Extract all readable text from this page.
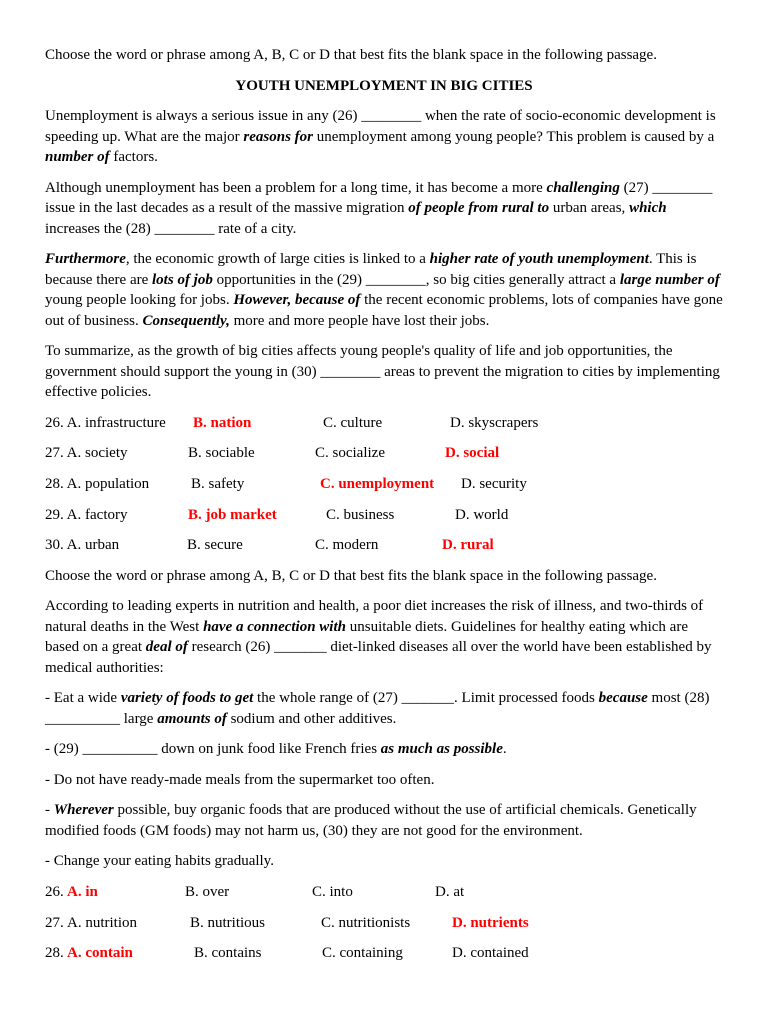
Choose the word or phrase among A, B, C or D that best fits the blank space in the following passage.

YOUTH UNEMPLOYMENT IN BIG CITIES

Unemployment is always a serious issue in any (26) ________ when the rate of socio-economic development is speeding up. What are the major reasons for unemployment among young people? This problem is caused by a number of factors.

Although unemployment has been a problem for a long time, it has become a more challenging (27) ________ issue in the last decades as a result of the massive migration of people from rural to urban areas, which increases the (28) ________ rate of a city.

Furthermore, the economic growth of large cities is linked to a higher rate of youth unemployment. This is because there are lots of job opportunities in the (29) ________, so big cities generally attract a large number of young people looking for jobs. However, because of the recent economic problems, lots of companies have gone out of business. Consequently, more and more people have lost their jobs.

To summarize, as the growth of big cities affects young people's quality of life and job opportunities, the government should support the young in (30) ________ areas to prevent the migration to cities by implementing effective policies.

26. A. infrastructure B. nation	C. culture	D. skyscrapers
27. A. society	B. sociable	C. socialize	D. social
28. A. population	B. safety	C. unemployment D. security
29. A. factory	B. job market	C. business	D. world
30. A. urban	B. secure	C. modern	D. rural

Choose the word or phrase among A, B, C or D that best fits the blank space in the following passage.

According to leading experts in nutrition and health, a poor diet increases the risk of illness, and two-thirds of natural deaths in the West have a connection with unsuitable diets. Guidelines for healthy eating which are based on a great deal of research (26) _______ diet-linked diseases all over the world have been established by medical authorities:

- Eat a wide variety of foods to get the whole range of (27) _______. Limit processed foods because most (28) __________ large amounts of sodium and other additives.

- (29) __________ down on junk food like French fries as much as possible.

- Do not have ready-made meals from the supermarket too often.

- Wherever possible, buy organic foods that are produced without the use of artificial chemicals. Genetically modified foods (GM foods) may not harm us, (30) they are not good for the environment.

- Change your eating habits gradually.

26. A. in	B. over	C. into	D. at
27. A. nutrition	B. nutritious	C. nutritionists	D. nutrients
28. A. contain	B. contains	C. containing	D. contained
